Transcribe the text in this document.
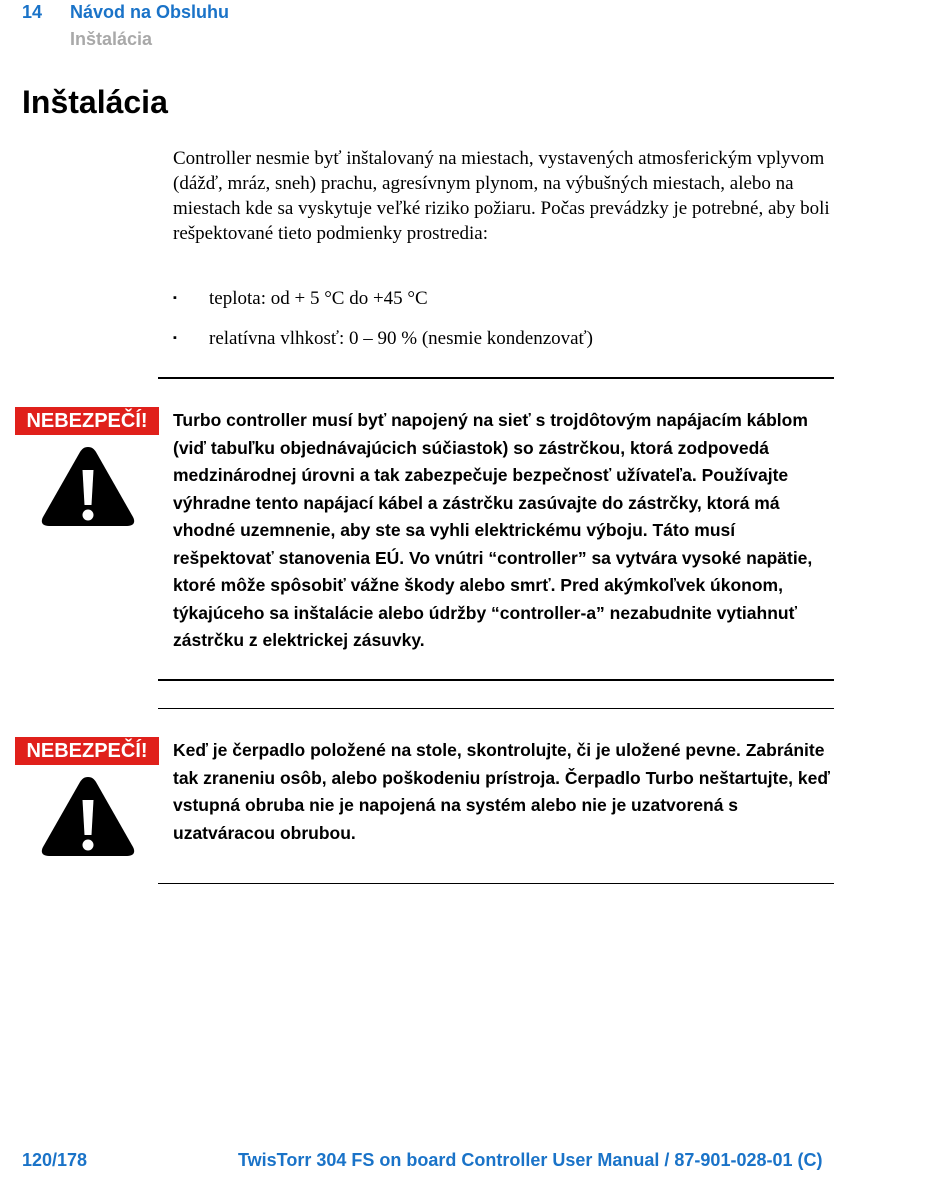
14 Návod na Obsluhu
Inštalácia
Inštalácia
Controller nesmie byť inštalovaný na miestach, vystavených atmosferickým vplyvom (dážď, mráz, sneh) prachu, agresívnym plynom, na výbušných miestach, alebo na miestach kde sa vyskytuje veľké riziko požiaru. Počas prevádzky je potrebné, aby boli rešpektované tieto podmienky prostredia:
▪ teplota: od + 5 °C do +45 °C
▪ relatívna vlhkosť: 0 – 90 % (nesmie kondenzovať)
NEBEZPEČÍ!	Turbo controller musí byť napojený na sieť s trojdôtovým napájacím káblom (viď tabuľku objednávajúcich súčiastok) so zástrčkou, ktorá zodpovedá medzinárodnej úrovni a tak zabezpečuje bezpečnosť užívateľa. Používajte výhradne tento napájací kábel a zástrčku zasúvajte do zástrčky, ktorá má vhodné uzemnenie, aby ste sa vyhli elektrickému výboju. Táto musí rešpektovať stanovenia EÚ. Vo vnútri “controller” sa vytvára vysoké napätie, ktoré môže spôsobiť vážne škody alebo smrť. Pred akýmkoľvek úkonom, týkajúceho sa inštalácie alebo údržby “controller-a” nezabudnite vytiahnuť zástrčku z elektrickej zásuvky.
NEBEZPEČÍ!	Keď je čerpadlo položené na stole, skontrolujte, či je uložené pevne. Zabránite tak zraneniu osôb, alebo poškodeniu prístroja. Čerpadlo Turbo neštartujte, keď vstupná obruba nie je napojená na systém alebo nie je uzatvorená s uzatváracou obrubou.
120/178	TwisTorr 304 FS on board Controller User Manual / 87-901-028-01 (C)
